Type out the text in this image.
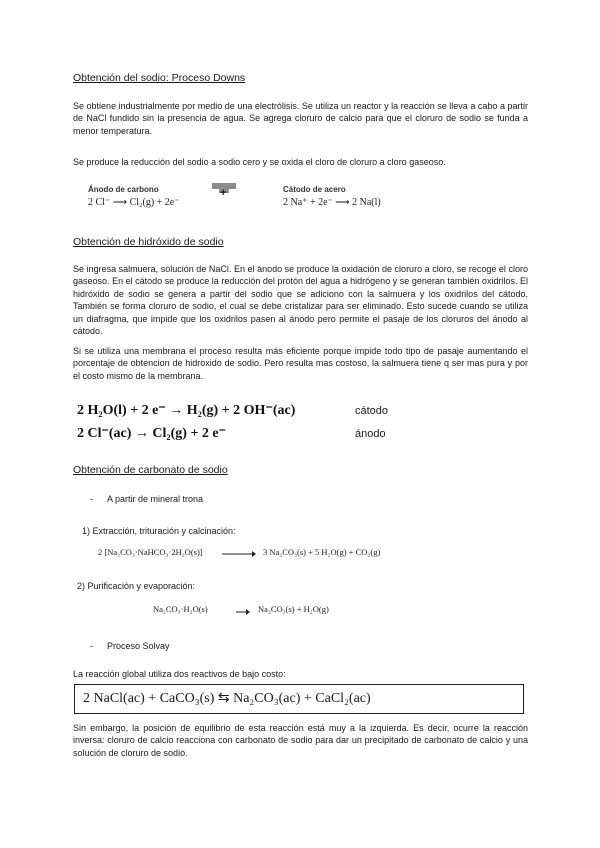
Obtención del sodio: Proceso Downs
Se obtiene industrialmente por medio de una electrólisis. Se utiliza un reactor y la reacción se lleva a cabo a partir de NaCl fundido sin la presencia de agua. Se agrega cloruro de calcio para que el cloruro de sodio se funda a menor temperatura.
Se produce la reducción del sodio a sodio cero y se oxida el cloro de cloruro a cloro gaseoso.
Ánodo de carbono
2 Cl⁻ ⟶ Cl₂(g) + 2e⁻
+	Cátodo de acero
2 Na⁺ + 2e⁻ ⟶ 2 Na(l)
Obtención de hidróxido de sodio
Se ingresa salmuera, solución de NaCl. En el ánodo se produce la oxidación de cloruro a cloro, se recoge el cloro gaseoso. En el cátodo se produce la reducción del protón del agua a hidrógeno y se generan también oxidrilos. El hidróxido de sodio se genera a partir del sodio que se adiciono con la salmuera y los oxidrilos del cátodo. También se forma cloruro de sodio, el cual se debe cristalizar para ser eliminado. Esto sucede cuando se utiliza un diafragma, que impide que los oxidrilos pasen al ánodo pero permite el pasaje de los cloruros del ánodo al cátodo.
Si se utiliza una membrana el proceso resulta más eficiente porque impide todo tipo de pasaje aumentando el porcentaje de obtencion de hidroxido de sodio. Pero resulta mas costoso, la salmuera tiene q ser mas pura y por el costo mismo de la membrana.
2 H₂O(l) + 2 e⁻ → H₂(g) + 2 OH⁻(ac)	cátodo
2 Cl⁻(ac) → Cl₂(g) + 2 e⁻	ánodo
Obtención de carbonato de sodio
- A partir de mineral trona
1) Extracción, trituración y calcinación:
2 [Na₂CO₃·NaHCO₃·2H₂O(s)]	3 Na₂CO₃(s) + 5 H₂O(g) + CO₂(g)
2) Purificación y evaporación:
Na₂CO₃·H₂O(s)	Na₂CO₃(s) + H₂O(g)
- Proceso Solvay
La reacción global utiliza dos reactivos de bajo costo:
2 NaCl(ac) + CaCO₃(s) ⇆ Na₂CO₃(ac) + CaCl₂(ac)
Sin embargo, la posición de equilibrio de esta reacción está muy a la izquierda. Es decir, ocurre la reacción inversa: cloruro de calcio reacciona con carbonato de sodio para dar un precipitado de carbonato de calcio y una solución de cloruro de sodio.
